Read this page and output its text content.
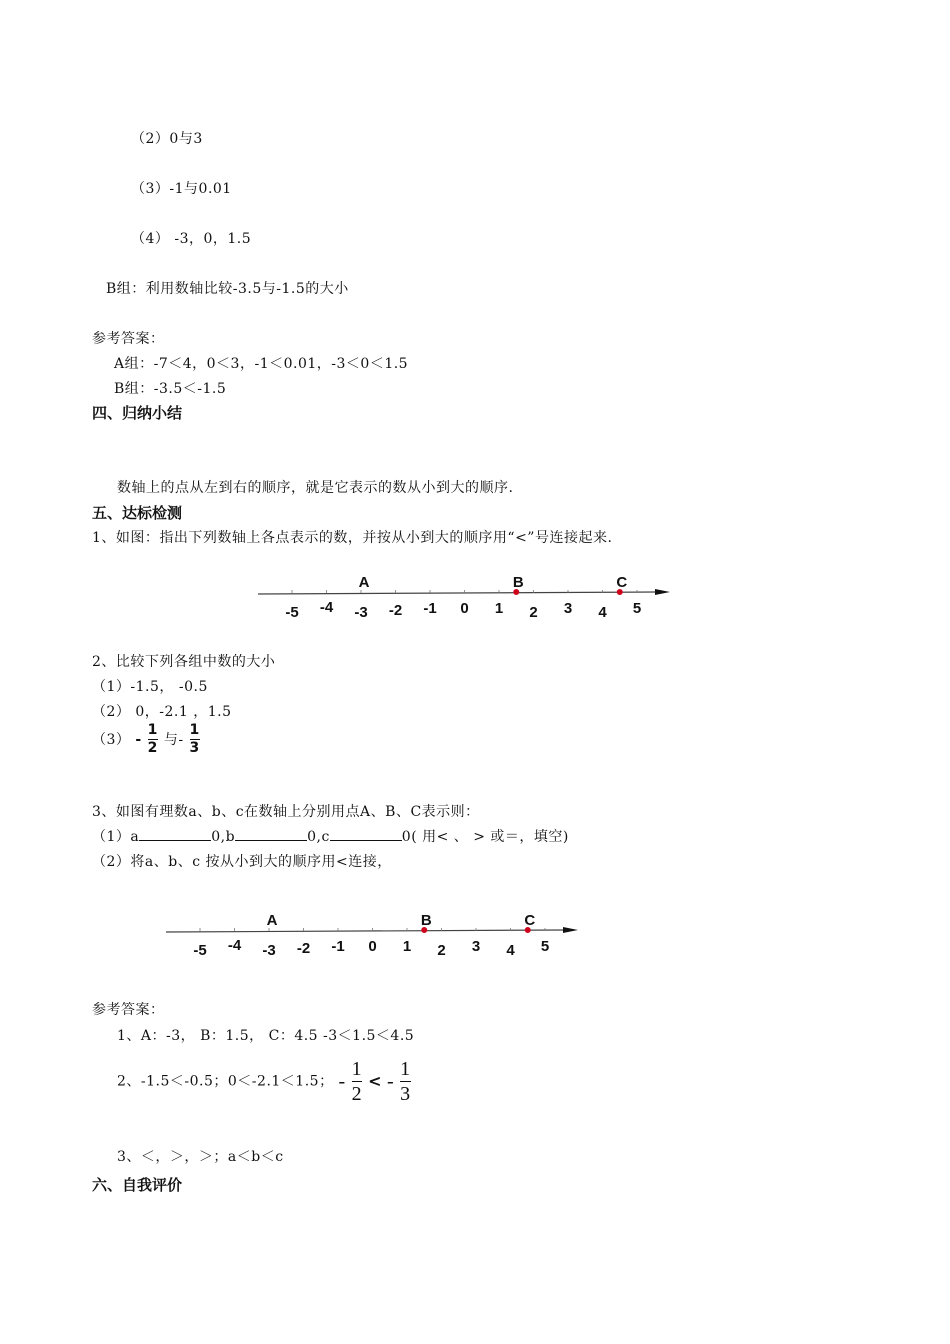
（2）0与3
（3）-1与0.01
（4） -3，0，1.5
B组：利用数轴比较-3.5与-1.5的大小
参考答案：
A组：-7＜4，0＜3，-1＜0.01，-3＜0＜1.5
B组：-3.5＜-1.5
四、归纳小结
数轴上的点从左到右的顺序，就是它表示的数从小到大的顺序.
五、达标检测
1、如图：指出下列数轴上各点表示的数，并按从小到大的顺序用“<”号连接起来.
-5 -4 -3 -2 -1 0 1 2 3 4 5
A	B	C
2、比较下列各组中数的大小
（1）-1.5， -0.5
（2） 0，-2.1 ，1.5
$(3) - \frac{1}{2}$ 与- $\frac{1}{3}$
3、如图有理数a、b、c在数轴上分别用点A、B、C表示则：
（1）a	0,b	0,c	0( 用< 、 > 或＝，填空)
（2）将a、b、c 按从小到大的顺序用<连接，
-5 -4 -3 -2 -1 0 1 2 3 4 5
A	B	C
参考答案：
1、A：-3， B：1.5， C：4.5 -3＜1.5＜4.5
2、-1.5＜-0.5；0＜-2.1＜1.5； - $\frac{1}{2}$ < - $\frac{1}{3}$
3、＜，＞，＞；a＜b＜c
六、自我评价
